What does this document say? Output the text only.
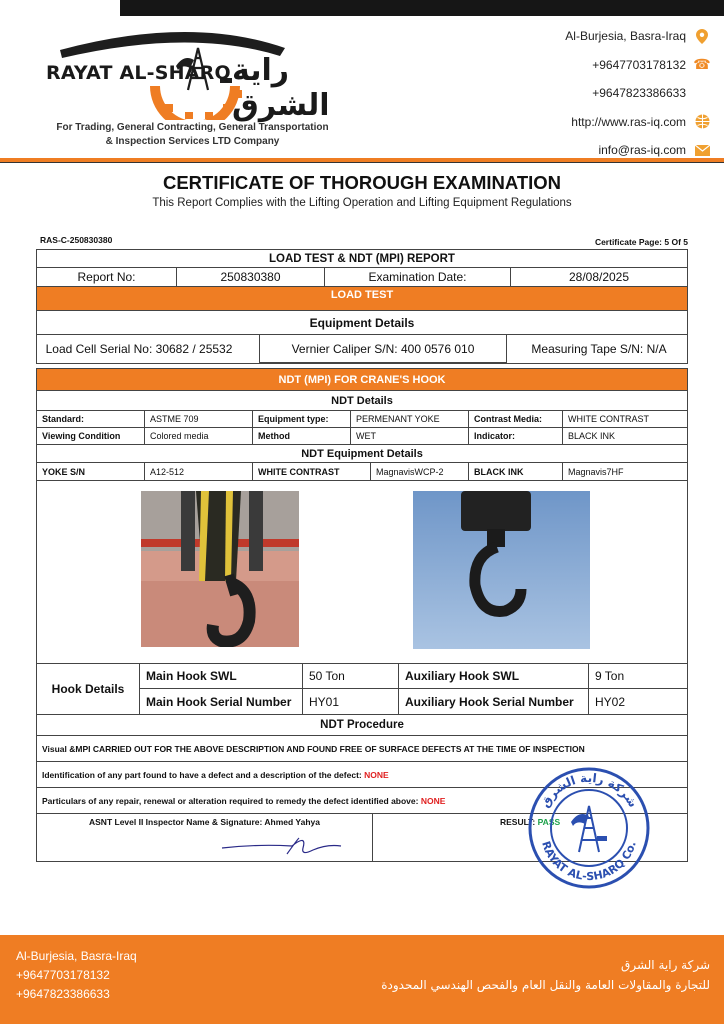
RAYAT AL-SHARQ راية الشرق
For Trading, General Contracting, General Transportation
& Inspection Services LTD Company
Al-Burjesia, Basra-Iraq
+9647703178132 ☎
+9647823386633
http://www.ras-iq.com
info@ras-iq.com
CERTIFICATE OF THOROUGH EXAMINATION
This Report Complies with the Lifting Operation and Lifting Equipment Regulations
RAS-C-250830380	Certificate Page: 5 Of 5
LOAD TEST & NDT (MPI) REPORT
Report No:	250830380	Examination Date:	28/08/2025
LOAD TEST
Equipment Details
Load Cell Serial No: 30682 / 25532	Vernier Caliper S/N: 400 0576 010	Measuring Tape S/N: N/A
NDT (MPI) FOR CRANE'S HOOK
NDT Details
Standard:	ASTME 709	Equipment type:	PERMENANT YOKE	Contrast Media:	WHITE CONTRAST
Viewing Condition	Colored media	Method	WET	Indicator:	BLACK INK
NDT Equipment Details
YOKE S/N	A12-512	WHITE CONTRAST	MagnavisWCP-2	BLACK INK	Magnavis7HF
Hook Details
Main Hook SWL	50 Ton	Auxiliary Hook SWL	9 Ton
Main Hook Serial Number	HY01	Auxiliary Hook Serial Number	HY02
NDT Procedure
Visual &MPI CARRIED OUT FOR THE ABOVE DESCRIPTION AND FOUND FREE OF SURFACE DEFECTS AT THE TIME OF INSPECTION
Identification of any part found to have a defect and a description of the defect:
NONE
Particulars of any repair, renewal or alteration required to remedy the defect identified above:
NONE
ASNT Level II Inspector Name & Signature: Ahmed Yahya	RESULT: PASS
شركة راية الشرق
RAYAT AL-SHARQ Co.
Al-Burjesia, Basra-Iraq
+9647703178132
+9647823386633
شركة راية الشرق
للتجارة والمقاولات العامة والنقل العام والفحص الهندسي المحدودة
